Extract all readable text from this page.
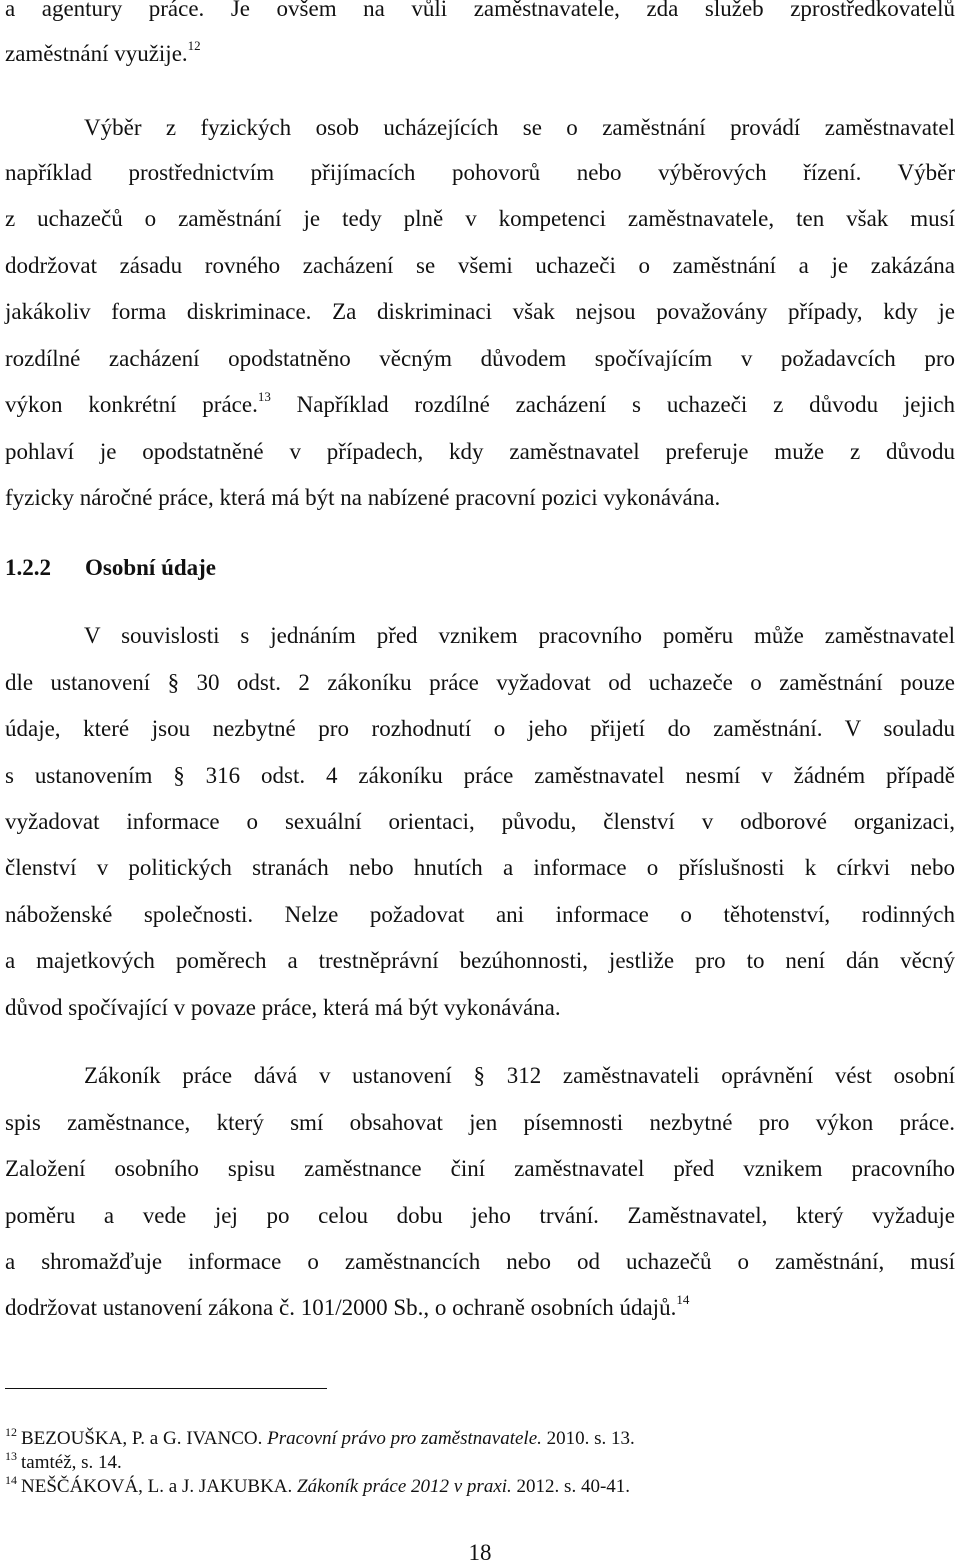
a agentury práce. Je ovšem na vůli zaměstnavatele, zda služeb zprostředkovatelů
zaměstnání využije.$^{12}$
Výběr z fyzických osob ucházejících se o zaměstnání provádí zaměstnavatel
například prostřednictvím přijímacích pohovorů nebo výběrových řízení. Výběr
z uchazečů o zaměstnání je tedy plně v kompetenci zaměstnavatele, ten však musí
dodržovat zásadu rovného zacházení se všemi uchazeči o zaměstnání a je zakázána
jakákoliv forma diskriminace. Za diskriminaci však nejsou považovány případy, kdy je
rozdílné zacházení opodstatněno věcným důvodem spočívajícím v požadavcích pro
výkon konkrétní práce.$^{13}$ Například rozdílné zacházení s uchazeči z důvodu jejich
pohlaví je opodstatněné v případech, kdy zaměstnavatel preferuje muže z důvodu
fyzicky náročné práce, která má být na nabízené pracovní pozici vykonávána.
1.2.2 Osobní údaje
V souvislosti s jednáním před vznikem pracovního poměru může zaměstnavatel
dle ustanovení § 30 odst. 2 zákoníku práce vyžadovat od uchazeče o zaměstnání pouze
údaje, které jsou nezbytné pro rozhodnutí o jeho přijetí do zaměstnání. V souladu
s ustanovením § 316 odst. 4 zákoníku práce zaměstnavatel nesmí v žádném případě
vyžadovat informace o sexuální orientaci, původu, členství v odborové organizaci,
členství v politických stranách nebo hnutích a informace o příslušnosti k církvi nebo
náboženské společnosti. Nelze požadovat ani informace o těhotenství, rodinných
a majetkových poměrech a trestněprávní bezúhonnosti, jestliže pro to není dán věcný
důvod spočívající v povaze práce, která má být vykonávána.
Zákoník práce dává v ustanovení § 312 zaměstnavateli oprávnění vést osobní
spis zaměstnance, který smí obsahovat jen písemnosti nezbytné pro výkon práce.
Založení osobního spisu zaměstnance činí zaměstnavatel před vznikem pracovního
poměru a vede jej po celou dobu jeho trvání. Zaměstnavatel, který vyžaduje
a shromažďuje informace o zaměstnancích nebo od uchazečů o zaměstnání, musí
dodržovat ustanovení zákona č. 101/2000 Sb., o ochraně osobních údajů.$^{14}$
$^{12}$ BEZOUŠKA, P. a G. IVANCO. Pracovní právo pro zaměstnavatele. 2010. s. 13.
$^{13}$ tamtéž, s. 14.
$^{14}$ NEŠČÁKOVÁ, L. a J. JAKUBKA. Zákoník práce 2012 v praxi. 2012. s. 40-41.
18
